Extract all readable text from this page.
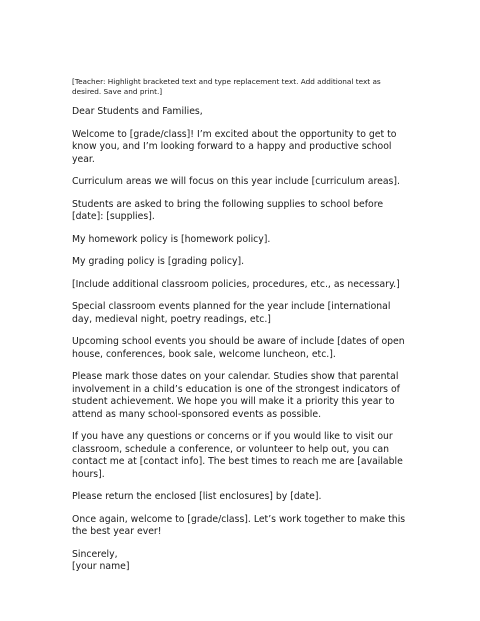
[Teacher: Highlight bracketed text and type replacement text. Add additional text as desired. Save and print.]

Dear Students and Families,

Welcome to [grade/class]! I’m excited about the opportunity to get to know you, and I’m looking forward to a happy and productive school year.

Curriculum areas we will focus on this year include [curriculum areas].

Students are asked to bring the following supplies to school before [date]: [supplies].

My homework policy is [homework policy].

My grading policy is [grading policy].

[Include additional classroom policies, procedures, etc., as necessary.]

Special classroom events planned for the year include [international day, medieval night, poetry readings, etc.]

Upcoming school events you should be aware of include [dates of open house, conferences, book sale, welcome luncheon, etc.].

Please mark those dates on your calendar. Studies show that parental involvement in a child’s education is one of the strongest indicators of student achievement. We hope you will make it a priority this year to attend as many school-sponsored events as possible.

If you have any questions or concerns or if you would like to visit our classroom, schedule a conference, or volunteer to help out, you can contact me at [contact info]. The best times to reach me are [available hours].

Please return the enclosed [list enclosures] by [date].

Once again, welcome to [grade/class]. Let’s work together to make this the best year ever!

Sincerely,

[your name]
